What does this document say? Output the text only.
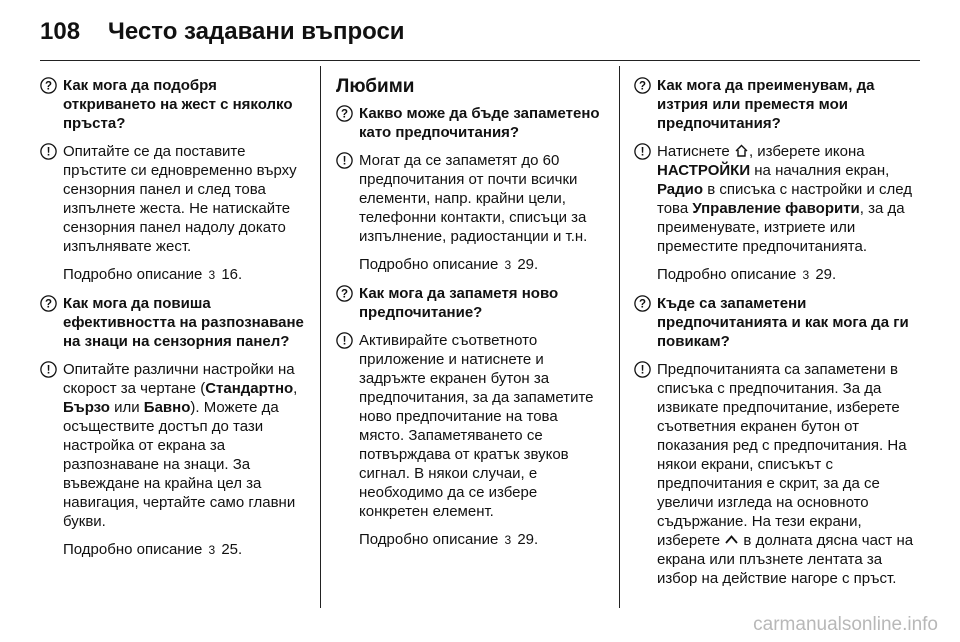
108 Често задавани въпроси
? Как мога да подобря откриването на жест с няколко пръста?
! Опитайте се да поставите пръстите си едновременно върху сензорния панел и след това изпълнете жеста. Не натискайте сензорния панел надолу докато изпълнявате жест.
Подробно описание 3 16.
? Как мога да повиша ефективността на разпознаване на знаци на сензорния панел?
! Опитайте различни настройки на скорост за чертане (Стандартно, Бързо или Бавно). Можете да осъществите достъп до тази настройка от екрана за разпознаване на знаци. За въвеждане на крайна цел за навигация, чертайте само главни букви.
Подробно описание 3 25.
Любими
? Какво може да бъде запаметено като предпочитания?
! Могат да се запаметят до 60 предпочитания от почти всички елементи, напр. крайни цели, телефонни контакти, списъци за изпълнение, радиостанции и т.н.
Подробно описание 3 29.
? Как мога да запаметя ново предпочитание?
! Активирайте съответното приложение и натиснете и задръжте екранен бутон за предпочитания, за да запаметите ново предпочитание на това място. Запаметяването се потвърждава от кратък звуков сигнал. В някои случаи, е необходимо да се избере конкретен елемент.
Подробно описание 3 29.
? Как мога да преименувам, да изтрия или преместя мои предпочитания?
! Натиснете , изберете икона НАСТРОЙКИ на началния екран, Радио в списъка с настройки и след това Управление фаворити, за да преименувате, изтриете или преместите предпочитанията.
Подробно описание 3 29.
? Къде са запаметени предпочитанията и как мога да ги повикам?
! Предпочитанията са запаметени в списъка с предпочитания. За да извикате предпочитание, изберете съответния екранен бутон от показания ред с предпочитания. На някои екрани, списъкът с предпочитания е скрит, за да се увеличи изгледа на основното съдържание. На тези екрани, изберете  в долната дясна част на екрана или плъзнете лентата за избор на действие нагоре с пръст.
carmanualsonline.info
